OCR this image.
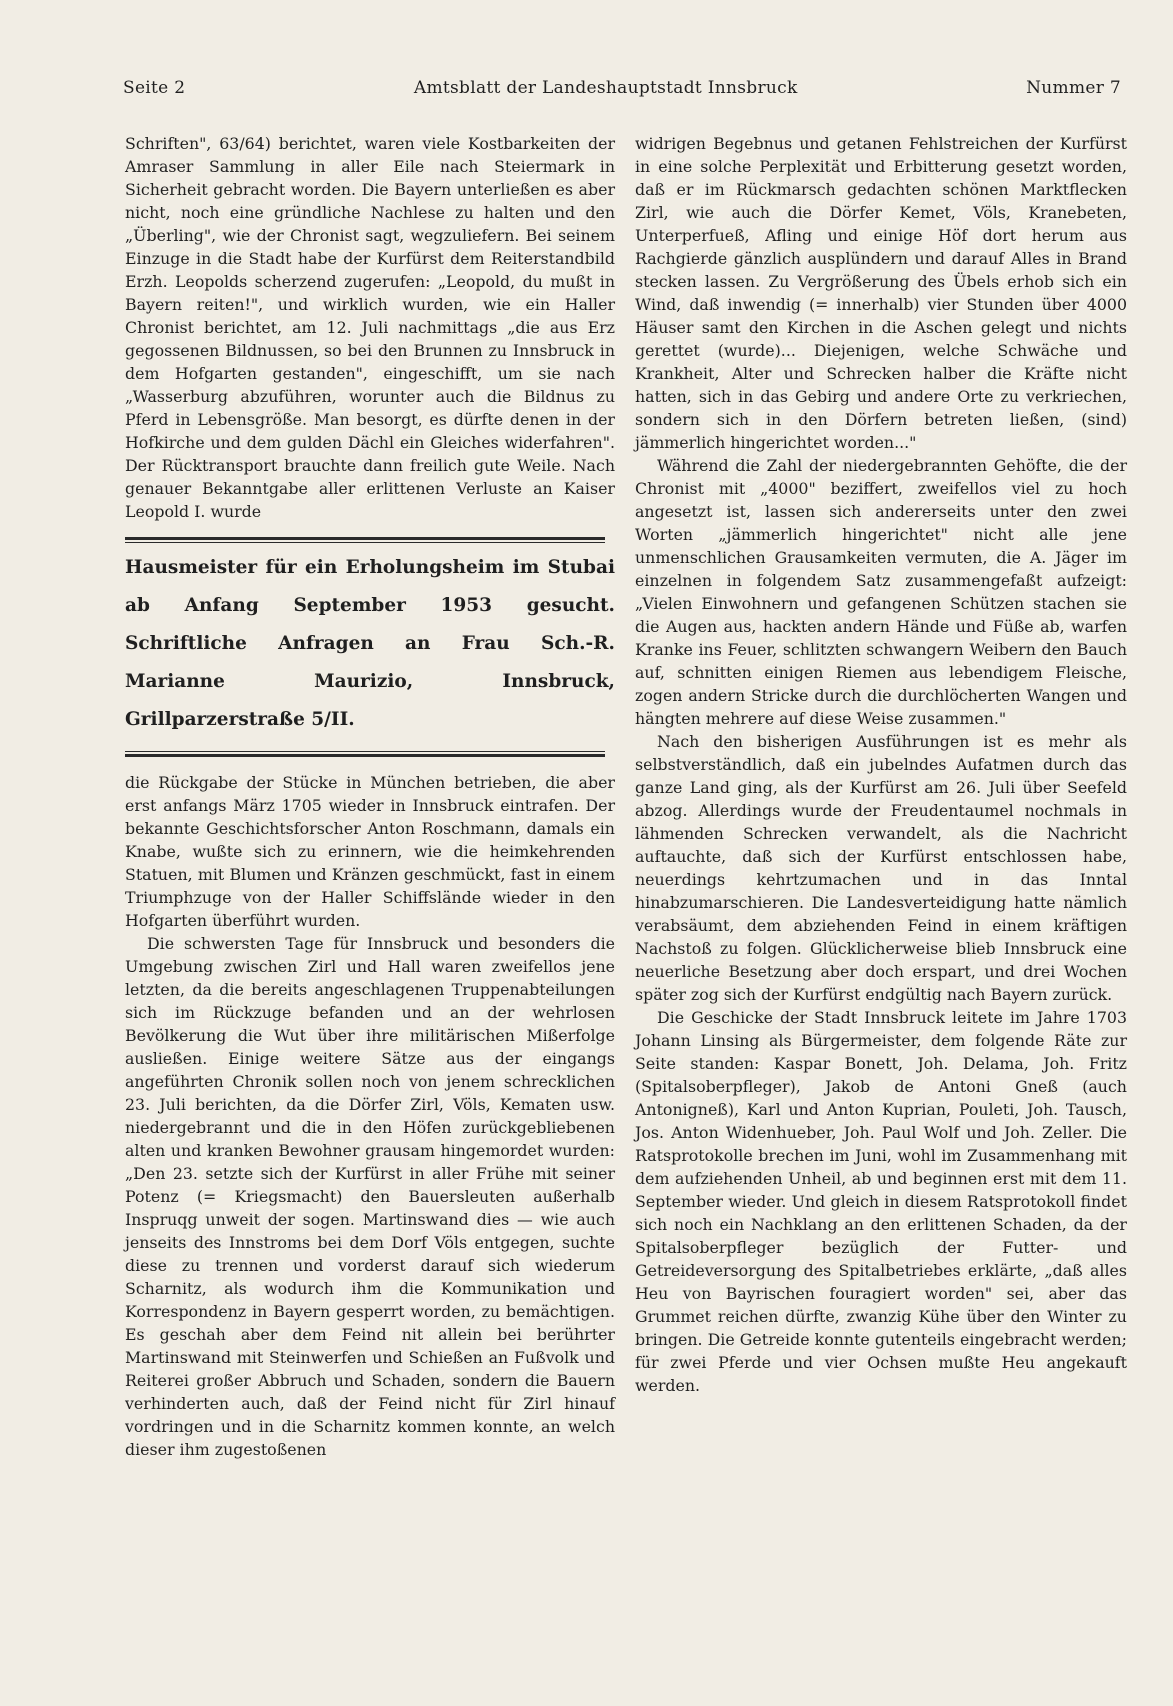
Seite 2	Amtsblatt der Landeshauptstadt Innsbruck	Nummer 7

Schriften", 63/64) berichtet, waren viele Kostbarkeiten der Amraser Sammlung in aller Eile nach Steiermark in Sicherheit gebracht worden. Die Bayern unterließen es aber nicht, noch eine gründliche Nachlese zu halten und den „Überling", wie der Chronist sagt, wegzuliefern. Bei seinem Einzuge in die Stadt habe der Kurfürst dem Reiterstandbild Erzh. Leopolds scherzend zugerufen: „Leopold, du mußt in Bayern reiten!", und wirklich wurden, wie ein Haller Chronist berichtet, am 12. Juli nachmittags „die aus Erz gegossenen Bildnussen, so bei den Brunnen zu Innsbruck in dem Hofgarten gestanden", eingeschifft, um sie nach „Wasserburg abzuführen, worunter auch die Bildnus zu Pferd in Lebensgröße. Man besorgt, es dürfte denen in der Hofkirche und dem gulden Dächl ein Gleiches widerfahren". Der Rücktransport brauchte dann freilich gute Weile. Nach genauer Bekanntgabe aller erlittenen Verluste an Kaiser Leopold I. wurde

Hausmeister für ein Erholungsheim im Stubai ab Anfang September 1953 gesucht. Schriftliche Anfragen an Frau Sch.-R. Marianne Maurizio, Innsbruck, Grillparzerstraße 5/II.

die Rückgabe der Stücke in München betrieben, die aber erst anfangs März 1705 wieder in Innsbruck eintrafen. Der bekannte Geschichtsforscher Anton Roschmann, damals ein Knabe, wußte sich zu erinnern, wie die heimkehrenden Statuen, mit Blumen und Kränzen geschmückt, fast in einem Triumphzuge von der Haller Schiffsländе wieder in den Hofgarten überführt wurden.

Die schwersten Tage für Innsbruck und besonders die Umgebung zwischen Zirl und Hall waren zweifellos jene letzten, da die bereits angeschlagenen Truppenabteilungen sich im Rückzuge befanden und an der wehrlosen Bevölkerung die Wut über ihre militärischen Mißerfolge ausließen. Einige weitere Sätze aus der eingangs angeführten Chronik sollen noch von jenem schrecklichen 23. Juli berichten, da die Dörfer Zirl, Völs, Kematen usw. niedergebrannt und die in den Höfen zurückgebliebenen alten und kranken Bewohner grausam hingemordet wurden: „Den 23. setzte sich der Kurfürst in aller Frühe mit seiner Potenz (= Kriegsmacht) den Bauersleuten außerhalb Inspruqg unweit der sogen. Martinswand dies — wie auch jenseits des Innstroms bei dem Dorf Völs entgegen, suchte diese zu trennen und vorderst darauf sich wiederum Scharnitz, als wodurch ihm die Kommunikation und Korrespondenz in Bayern gesperrt worden, zu bemächtigen. Es geschah aber dem Feind nit allein bei berührter Martinswand mit Steinwerfen und Schießen an Fußvolk und Reiterei großer Abbruch und Schaden, sondern die Bauern verhinderten auch, daß der Feind nicht für Zirl hinauf vordringen und in die Scharnitz kommen konnte, an welch dieser ihm zugestoßenen

widrigen Begebnus und getanen Fehlstreichen der Kurfürst in eine solche Perplexität und Erbitterung gesetzt worden, daß er im Rückmarsch gedachten schönen Marktflecken Zirl, wie auch die Dörfer Kemet, Völs, Kranebeten, Unterperfueß, Afling und einige Höf dort herum aus Rachgierde gänzlich ausplündern und darauf Alles in Brand stecken lassen. Zu Vergrößerung des Übels erhob sich ein Wind, daß inwendig (= innerhalb) vier Stunden über 4000 Häuser samt den Kirchen in die Aschen gelegt und nichts gerettet (wurde)... Diejenigen, welche Schwäche und Krankheit, Alter und Schrecken halber die Kräfte nicht hatten, sich in das Gebirg und andere Orte zu verkriechen, sondern sich in den Dörfern betreten ließen, (sind) jämmerlich hingerichtet worden..."

Während die Zahl der niedergebrannten Gehöfte, die der Chronist mit „4000" beziffert, zweifellos viel zu hoch angesetzt ist, lassen sich andererseits unter den zwei Worten „jämmerlich hingerichtet" nicht alle jene unmenschlichen Grausamkeiten vermuten, die A. Jäger im einzelnen in folgendem Satz zusammengefaßt aufzeigt: „Vielen Einwohnern und gefangenen Schützen stachen sie die Augen aus, hackten andern Hände und Füße ab, warfen Kranke ins Feuer, schlitzten schwangern Weibern den Bauch auf, schnitten einigen Riemen aus lebendigem Fleische, zogen andern Stricke durch die durchlöcherten Wangen und hängten mehrere auf diese Weise zusammen."

Nach den bisherigen Ausführungen ist es mehr als selbstverständlich, daß ein jubelndes Aufatmen durch das ganze Land ging, als der Kurfürst am 26. Juli über Seefeld abzog. Allerdings wurde der Freudentaumel nochmals in lähmenden Schrecken verwandelt, als die Nachricht auftauchte, daß sich der Kurfürst entschlossen habe, neuerdings kehrtzumachen und in das Inntal hinabzumarschieren. Die Landesverteidigung hatte nämlich verabsäumt, dem abziehenden Feind in einem kräftigen Nachstoß zu folgen. Glücklicherweise blieb Innsbruck eine neuerliche Besetzung aber doch erspart, und drei Wochen später zog sich der Kurfürst endgültig nach Bayern zurück.

Die Geschicke der Stadt Innsbruck leitete im Jahre 1703 Johann Linsing als Bürgermeister, dem folgende Räte zur Seite standen: Kaspar Bonett, Joh. Delama, Joh. Fritz (Spitalsoberpfleger), Jakob de Antoni Gneß (auch Antonigneß), Karl und Anton Kuprian, Pouleti, Joh. Tausch, Jos. Anton Widenhueber, Joh. Paul Wolf und Joh. Zeller. Die Ratsprotokolle brechen im Juni, wohl im Zusammenhang mit dem aufziehenden Unheil, ab und beginnen erst mit dem 11. September wieder. Und gleich in diesem Ratsprotokoll findet sich noch ein Nachklang an den erlittenen Schaden, da der Spitalsoberpfleger bezüglich der Futter- und Getreideversorgung des Spitalbetriebes erklärte, „daß alles Heu von Bayrischen fouragiert worden" sei, aber das Grummet reichen dürfte, zwanzig Kühe über den Winter zu bringen. Die Getreide konnte gutenteils eingebracht werden; für zwei Pferde und vier Ochsen mußte Heu angekauft werden.
